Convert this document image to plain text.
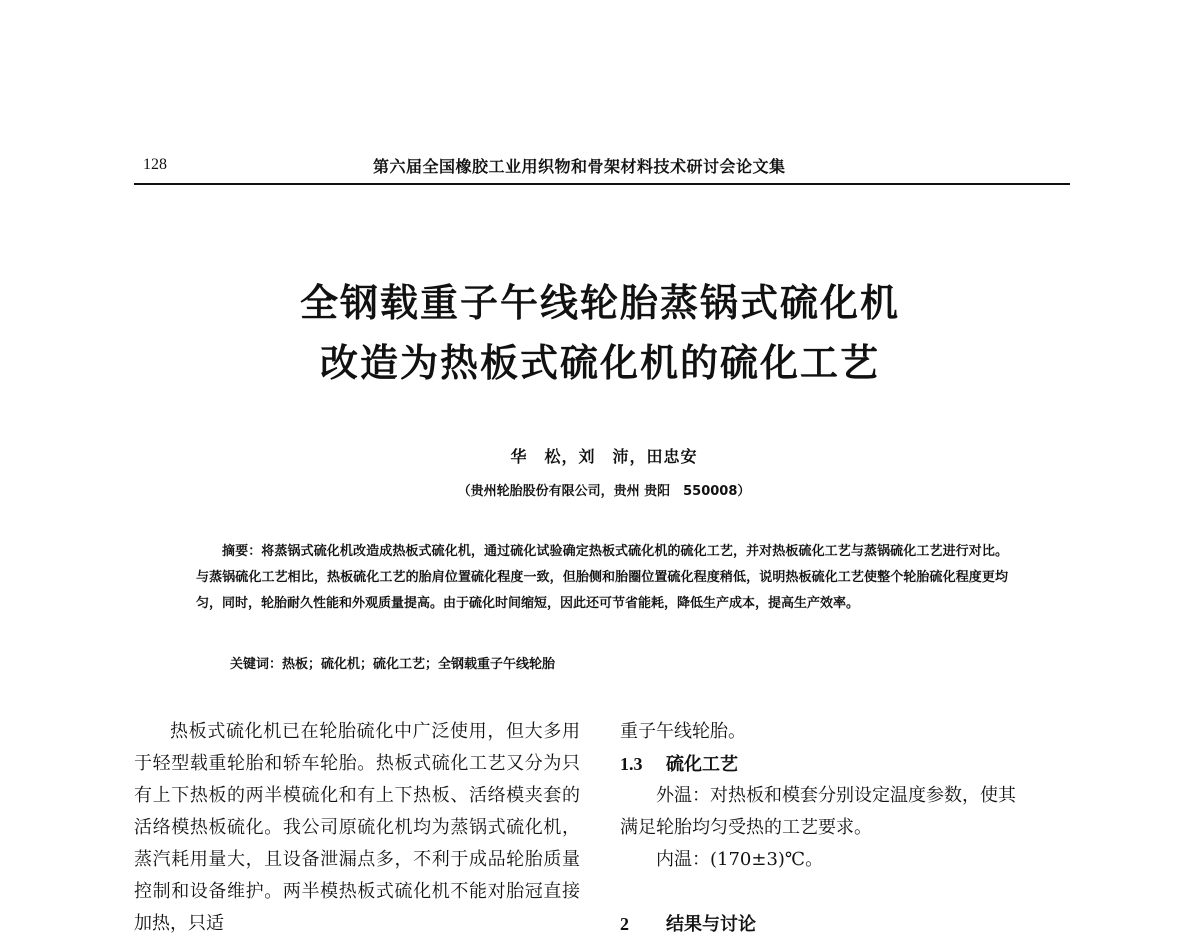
128	第六届全国橡胶工业用织物和骨架材料技术研讨会论文集
全钢载重子午线轮胎蒸锅式硫化机
改造为热板式硫化机的硫化工艺
华　松，刘　沛，田忠安
（贵州轮胎股份有限公司，贵州 贵阳　550008）

摘要：将蒸锅式硫化机改造成热板式硫化机，通过硫化试验确定热板式硫化机的硫化工艺，并对热板硫化工艺与蒸锅硫化工艺进行对比。与蒸锅硫化工艺相比，热板硫化工艺的胎肩位置硫化程度一致，但胎侧和胎圈位置硫化程度稍低，说明热板硫化工艺使整个轮胎硫化程度更均匀，同时，轮胎耐久性能和外观质量提高。由于硫化时间缩短，因此还可节省能耗，降低生产成本，提高生产效率。

关键词：热板；硫化机；硫化工艺；全钢载重子午线轮胎

热板式硫化机已在轮胎硫化中广泛使用，但大多用于轻型载重轮胎和轿车轮胎。热板式硫化工艺又分为只有上下热板的两半模硫化和有上下热板、活络模夹套的活络模热板硫化。我公司原硫化机均为蒸锅式硫化机，蒸汽耗用量大，且设备泄漏点多，不利于成品轮胎质量控制和设备维护。两半模热板式硫化机不能对胎冠直接加热，只适

重子午线轮胎。
1.3 硫化工艺
外温：对热板和模套分别设定温度参数，使其
满足轮胎均匀受热的工艺要求。
内温：(170±3)℃。
2 结果与讨论
